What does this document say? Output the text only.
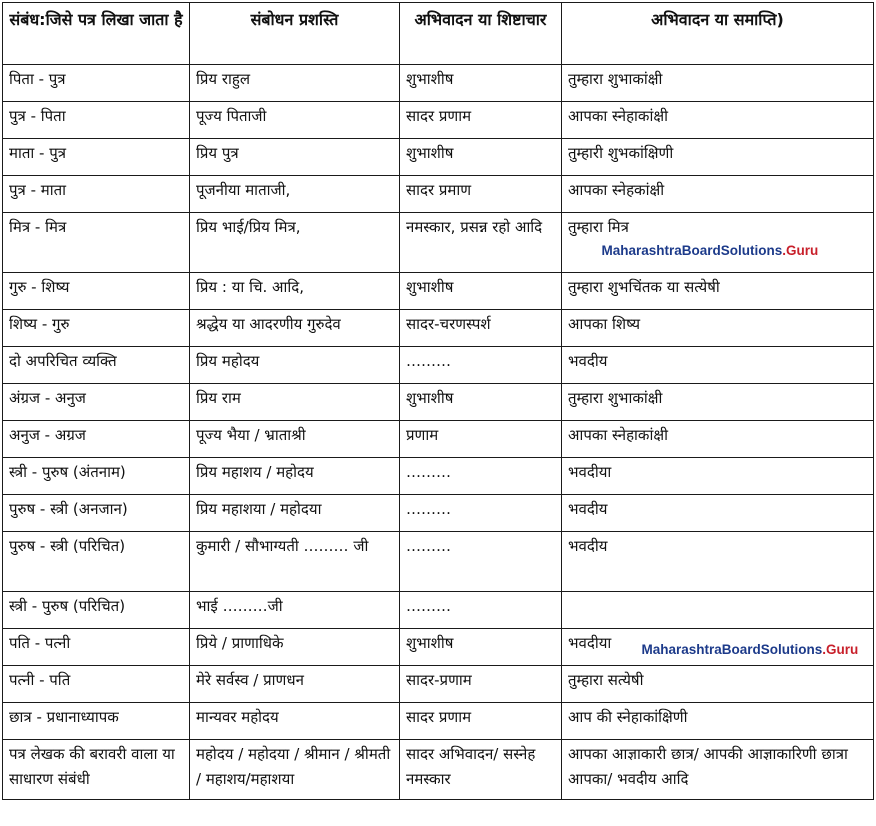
संबंध:जिसे पत्र लिखा जाता है	संबोधन प्रशस्ति	अभिवादन या शिष्टाचार	अभिवादन या समाप्ति)
पिता - पुत्र	प्रिय राहुल	शुभाशीष	तुम्हारा शुभाकांक्षी
पुत्र - पिता	पूज्य पिताजी	सादर प्रणाम	आपका स्नेहाकांक्षी
माता - पुत्र	प्रिय पुत्र	शुभाशीष	तुम्हारी शुभकांक्षिणी
पुत्र - माता	पूजनीया माताजी,	सादर प्रमाण	आपका स्नेहकांक्षी
मित्र - मित्र	प्रिय भाई/प्रिय मित्र,	नमस्कार, प्रसन्न रहो आदि	तुम्हारा मित्र
गुरु - शिष्य	प्रिय : या चि. आदि,	शुभाशीष	तुम्हारा शुभचिंतक या सत्येषी
शिष्य - गुरु	श्रद्धेय या आदरणीय गुरुदेव	सादर-चरणस्पर्श	आपका शिष्य
दो अपरिचित व्यक्ति	प्रिय महोदय	………	भवदीय
अंग्रज - अनुज	प्रिय राम	शुभाशीष	तुम्हारा शुभाकांक्षी
अनुज - अग्रज	पूज्य भैया / भ्राताश्री	प्रणाम	आपका स्नेहाकांक्षी
स्त्री - पुरुष (अंतनाम)	प्रिय महाशय / महोदय	………	भवदीया
पुरुष - स्त्री (अनजान)	प्रिय महाशया / महोदया	………	भवदीय
पुरुष - स्त्री (परिचित)	कुमारी / सौभाग्यती ……… जी	………	भवदीय
स्त्री - पुरुष (परिचित)	भाई ………जी	………	
पति - पत्नी	प्रिये / प्राणाधिके	शुभाशीष	भवदीया
पत्नी - पति	मेरे सर्वस्व / प्राणधन	सादर-प्रणाम	तुम्हारा सत्येषी
छात्र - प्रधानाध्यापक	मान्यवर महोदय	सादर प्रणाम	आप की स्नेहाकांक्षिणी
पत्र लेखक की बरावरी वाला या साधारण संबंधी	महोदय / महोदया / श्रीमान / श्रीमती / महाशय/महाशया	सादर अभिवादन/ सस्नेह नमस्कार	आपका आज्ञाकारी छात्र/ आपकी आज्ञाकारिणी छात्रा आपका/ भवदीय आदि
MaharashtraBoardSolutions.Guru
MaharashtraBoardSolutions.Guru
